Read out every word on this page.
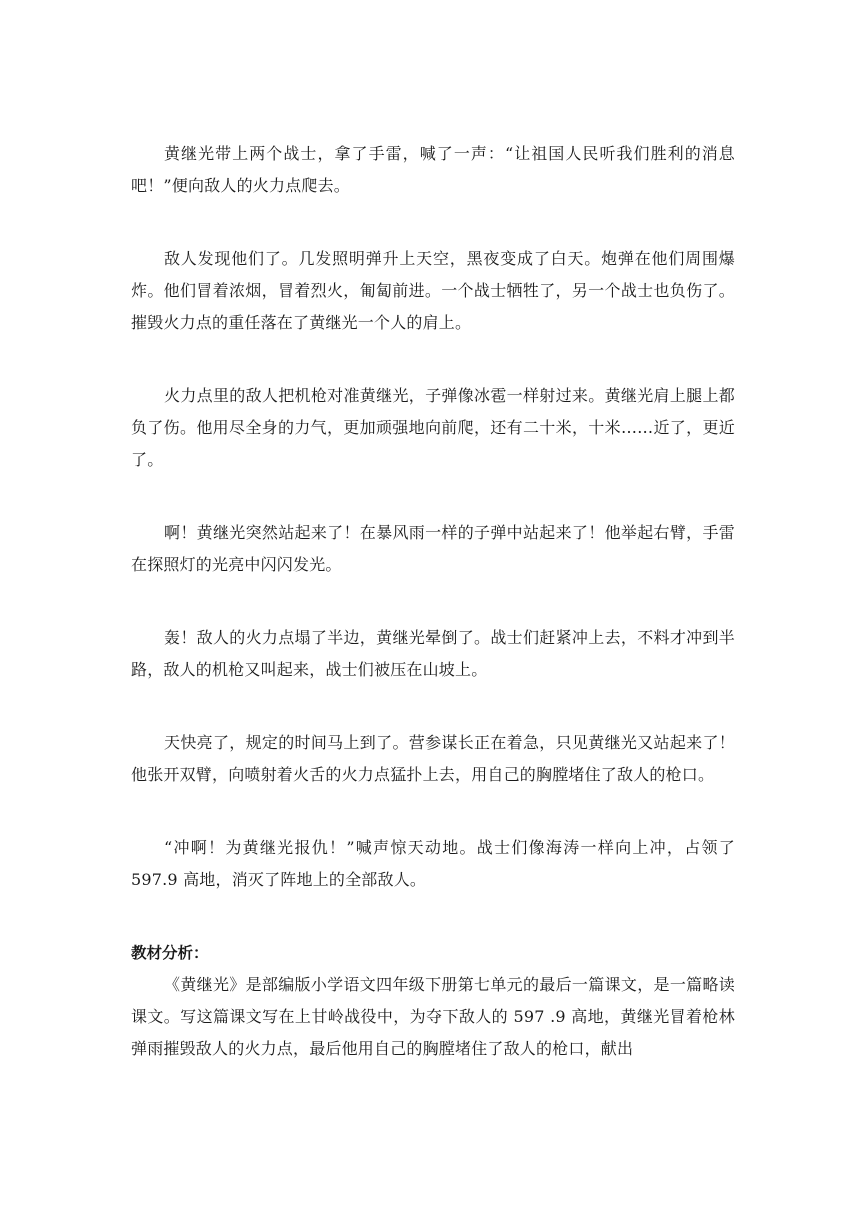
黄继光带上两个战士，拿了手雷，喊了一声：“让祖国人民听我们胜利的消息吧！”便向敌人的火力点爬去。

敌人发现他们了。几发照明弹升上天空，黑夜变成了白天。炮弹在他们周围爆炸。他们冒着浓烟，冒着烈火，匍匐前进。一个战士牺牲了，另一个战士也负伤了。摧毁火力点的重任落在了黄继光一个人的肩上。

火力点里的敌人把机枪对准黄继光，子弹像冰雹一样射过来。黄继光肩上腿上都负了伤。他用尽全身的力气，更加顽强地向前爬，还有二十米，十米……近了，更近了。

啊！黄继光突然站起来了！在暴风雨一样的子弹中站起来了！他举起右臂，手雷在探照灯的光亮中闪闪发光。

轰！敌人的火力点塌了半边，黄继光晕倒了。战士们赶紧冲上去，不料才冲到半路，敌人的机枪又叫起来，战士们被压在山坡上。

天快亮了，规定的时间马上到了。营参谋长正在着急，只见黄继光又站起来了！他张开双臂，向喷射着火舌的火力点猛扑上去，用自己的胸膛堵住了敌人的枪口。

“冲啊！为黄继光报仇！”喊声惊天动地。战士们像海涛一样向上冲，占领了 597.9 高地，消灭了阵地上的全部敌人。

教材分析：

《黄继光》是部编版小学语文四年级下册第七单元的最后一篇课文，是一篇略读课文。写这篇课文写在上甘岭战役中，为夺下敌人的 597 .9 高地，黄继光冒着枪林弹雨摧毁敌人的火力点，最后他用自己的胸膛堵住了敌人的枪口，献出
